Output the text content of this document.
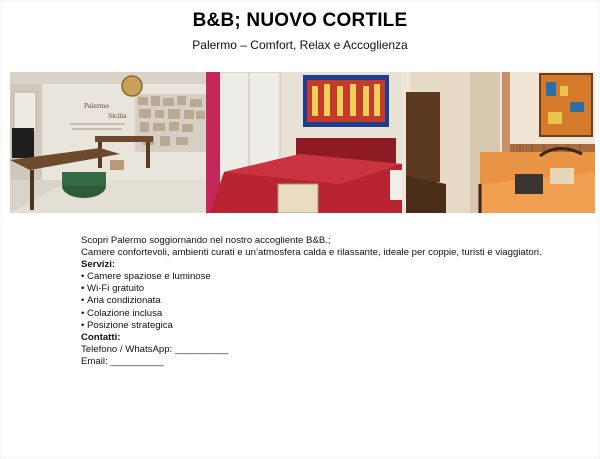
B&B; NUOVO CORTILE
Palermo – Comfort, Relax e Accoglienza
Palermo
Sicilia

Scopri Palermo soggiornando nel nostro accogliente B&B.;

Camere confortevoli, ambienti curati e un’atmosfera calda e rilassante, ideale per coppie, turisti e viaggiatori.

Servizi:

• Camere spaziose e luminose
• Wi-Fi gratuito
• Aria condizionata
• Colazione inclusa
• Posizione strategica

Contatti:

Telefono / WhatsApp: __________

Email: __________
